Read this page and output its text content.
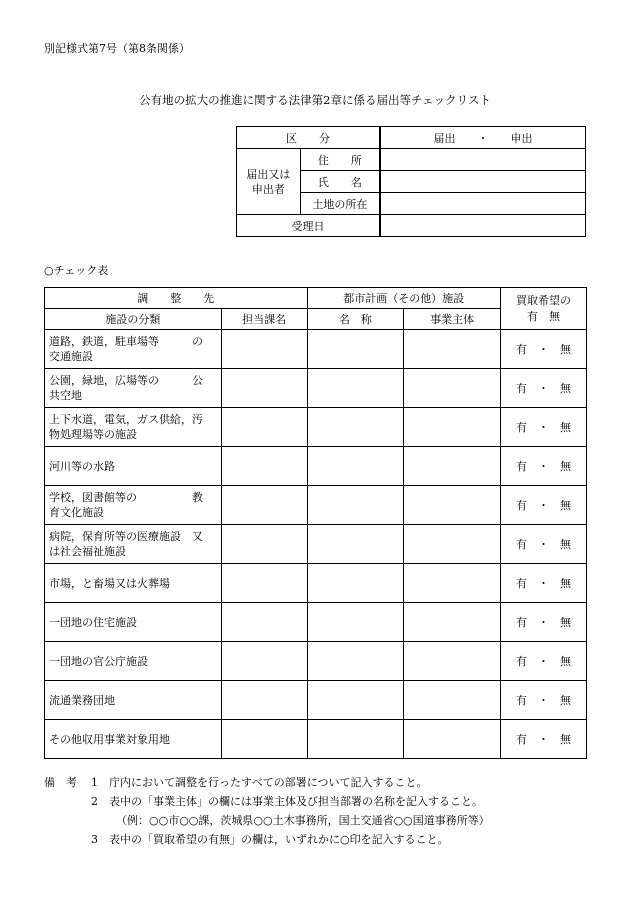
別記様式第7号（第8条関係）
公有地の拡大の推進に関する法律第2章に係る届出等チェックリスト
区　　分		届出　　・　　申出
届出又は
申出者	住　　所	
	氏　　名	
	土地の所在	
受理日		
○チェック表
調　　整　　先		都市計画（その他）施設		買取希望の
有　無
施設の分類	担当課名	名　称	事業主体	
道路，鉄道，駐車場等　　　の
交通施設				有　・　無
公園，緑地，広場等の　　　公
共空地				有　・　無
上下水道，電気，ガス供給，汚
物処理場等の施設				有　・　無
河川等の水路				有　・　無
学校，図書館等の　　　　　教
育文化施設				有　・　無
病院，保育所等の医療施設　又
は社会福祉施設				有　・　無
市場，と畜場又は火葬場				有　・　無
一団地の住宅施設				有　・　無
一団地の官公庁施設				有　・　無
流通業務団地				有　・　無
その他収用事業対象用地				有　・　無
備　考 1 庁内において調整を行ったすべての部署について記入すること。
2 表中の「事業主体」の欄には事業主体及び担当部署の名称を記入すること。
（例：○○市○○課，茨城県○○土木事務所，国土交通省○○国道事務所等）
3 表中の「買取希望の有無」の欄は，いずれかに○印を記入すること。
